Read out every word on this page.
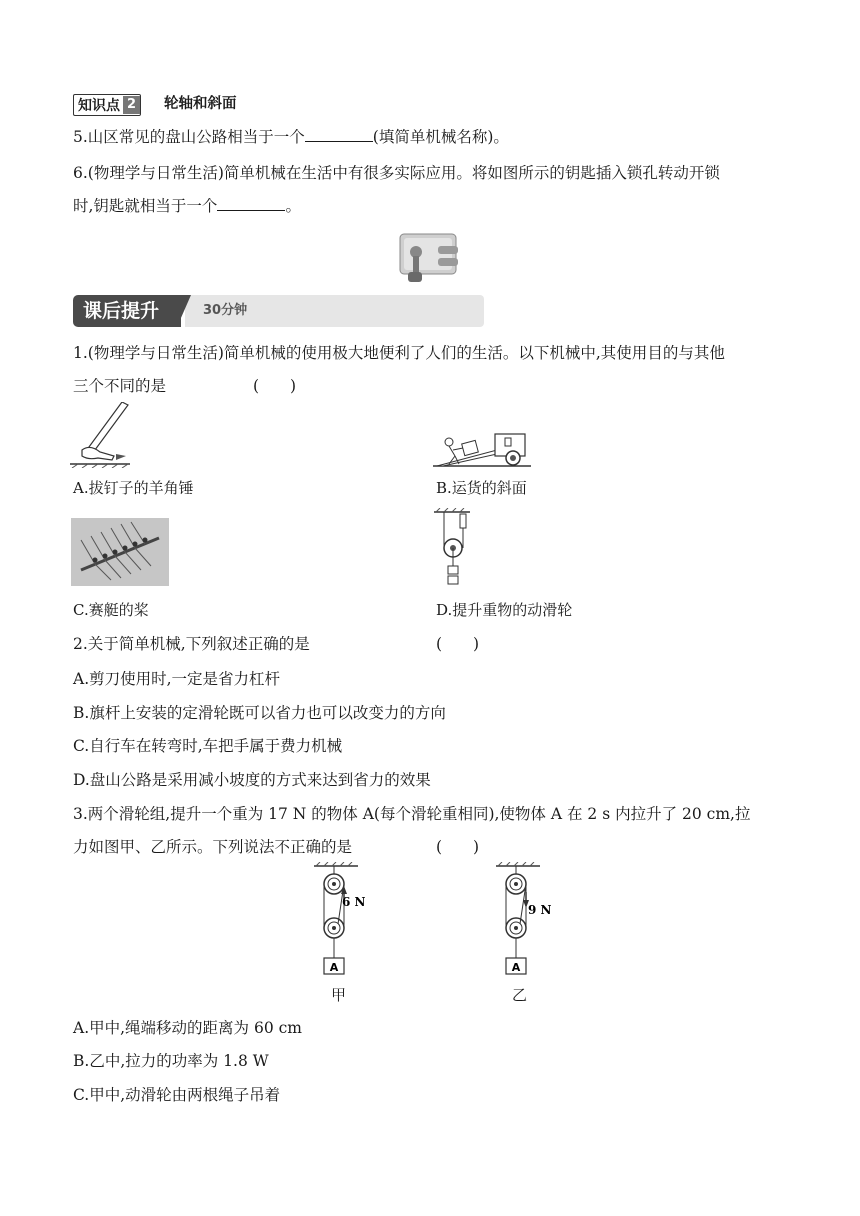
知识点 2 轮轴和斜面
5.山区常见的盘山公路相当于一个	(填简单机械名称)。
6.(物理学与日常生活)简单机械在生活中有很多实际应用。将如图所示的钥匙插入锁孔转动开锁
时,钥匙就相当于一个	。
课后提升	30分钟
1.(物理学与日常生活)简单机械的使用极大地便利了人们的生活。以下机械中,其使用目的与其他
三个不同的是	(　　)
A.拔钉子的羊角锤	B.运货的斜面
C.赛艇的桨	D.提升重物的动滑轮
2.关于简单机械,下列叙述正确的是	(　　)
A.剪刀使用时,一定是省力杠杆
B.旗杆上安装的定滑轮既可以省力也可以改变力的方向
C.自行车在转弯时,车把手属于费力机械
D.盘山公路是采用减小坡度的方式来达到省力的效果
3.两个滑轮组,提升一个重为 17 N 的物体 A(每个滑轮重相同),使物体 A 在 2 s 内拉升了 20 cm,拉
力如图甲、乙所示。下列说法不正确的是	(　　)
A
6 N
甲
A
9 N
乙
A.甲中,绳端移动的距离为 60 cm
B.乙中,拉力的功率为 1.8 W
C.甲中,动滑轮由两根绳子吊着
